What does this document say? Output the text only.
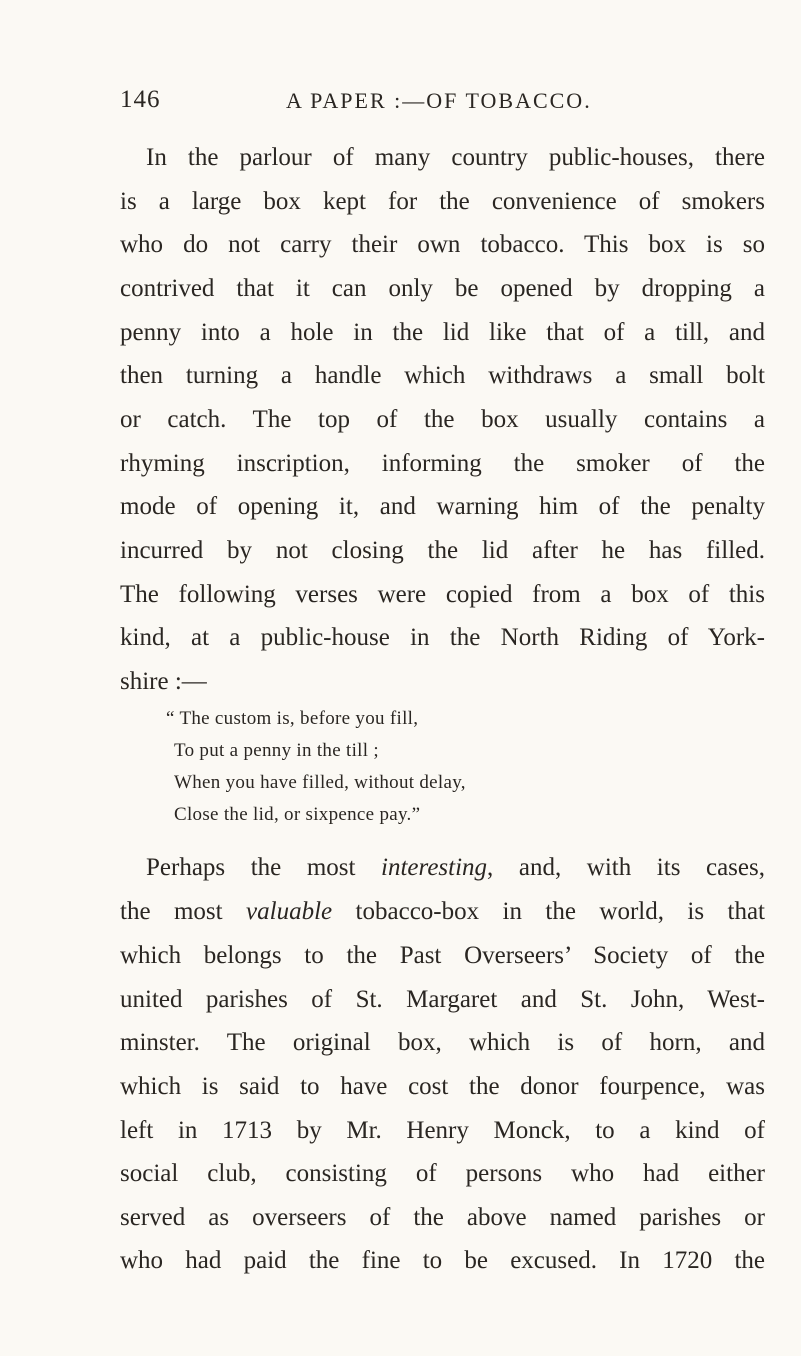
146	A PAPER :—OF TOBACCO.
In the parlour of many country public-houses, there
is a large box kept for the convenience of smokers
who do not carry their own tobacco. This box is so
contrived that it can only be opened by dropping a
penny into a hole in the lid like that of a till, and
then turning a handle which withdraws a small bolt
or catch. The top of the box usually contains a
rhyming inscription, informing the smoker of the
mode of opening it, and warning him of the penalty
incurred by not closing the lid after he has filled.
The following verses were copied from a box of this
kind, at a public-house in the North Riding of York-
shire :—
“ The custom is, before you fill,
To put a penny in the till ;
When you have filled, without delay,
Close the lid, or sixpence pay.”
Perhaps the most interesting, and, with its cases,
the most valuable tobacco-box in the world, is that
which belongs to the Past Overseers’ Society of the
united parishes of St. Margaret and St. John, West-
minster. The original box, which is of horn, and
which is said to have cost the donor fourpence, was
left in 1713 by Mr. Henry Monck, to a kind of
social club, consisting of persons who had either
served as overseers of the above named parishes or
who had paid the fine to be excused. In 1720 the
